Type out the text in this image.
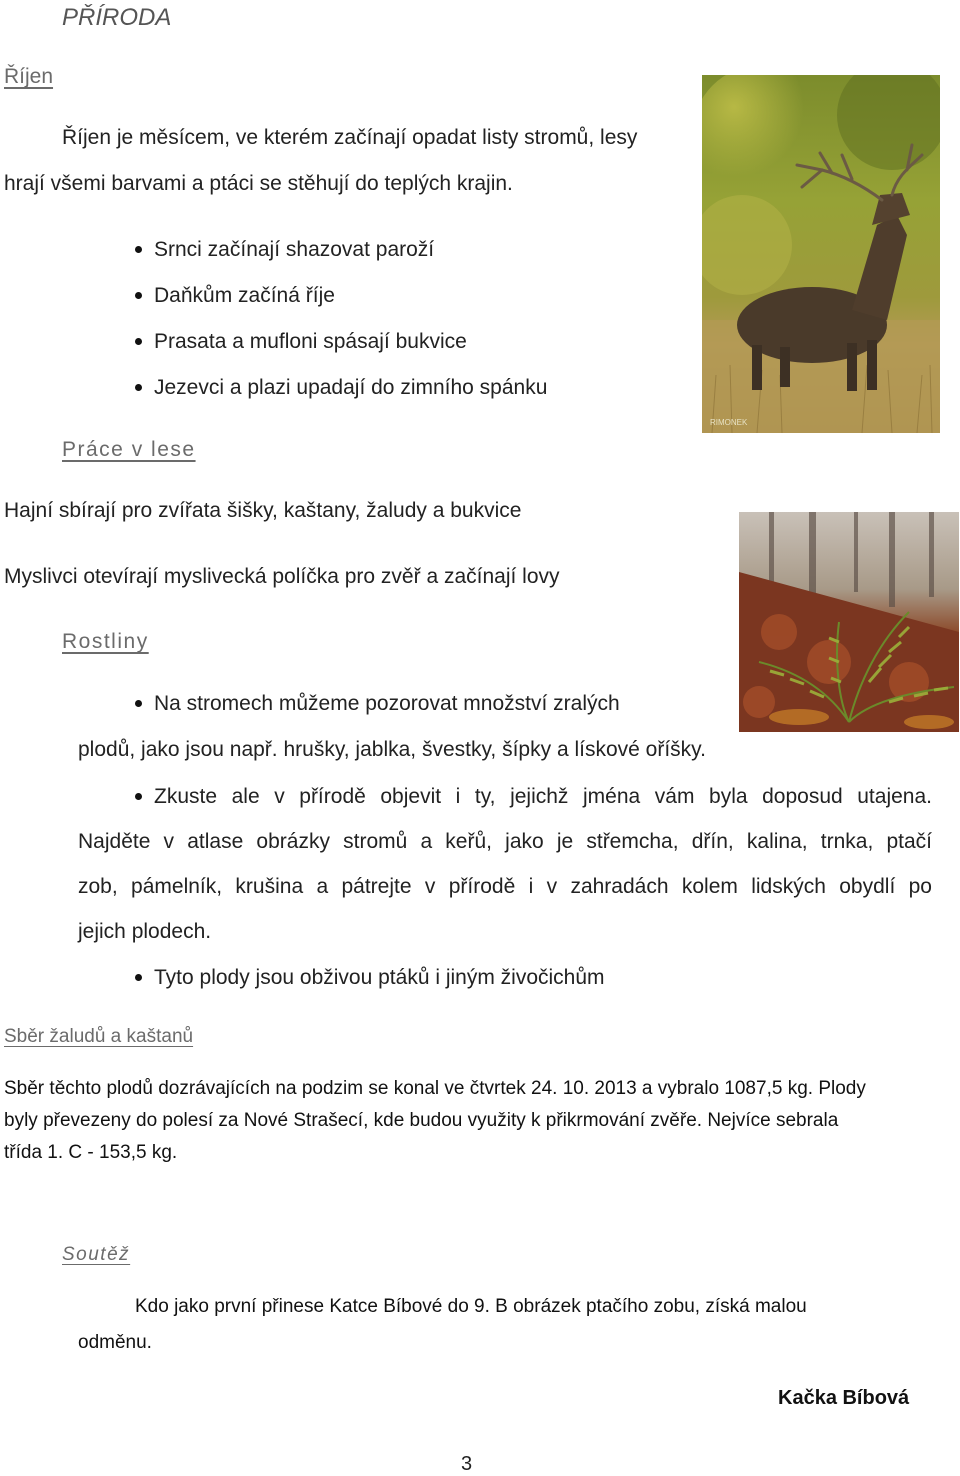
PŘÍRODA
Říjen
Říjen je měsícem, ve kterém začínají opadat listy stromů, lesy
hrají všemi barvami a ptáci se stěhují do teplých krajin.
Srnci začínají shazovat paroží
Daňkům začíná říje
Prasata a mufloni spásají bukvice
Jezevci a plazi upadají do zimního spánku
Práce v lese
Hajní sbírají pro zvířata šišky, kaštany, žaludy a bukvice
Myslivci otevírají myslivecká políčka pro zvěř a začínají lovy
Rostliny
Na stromech můžeme pozorovat množství zralých
plodů, jako jsou např. hrušky, jablka, švestky, šípky a lískové oříšky.
Zkuste ale v přírodě objevit i ty, jejichž jména vám byla doposud utajena.
Najděte v atlase obrázky stromů a keřů, jako je střemcha, dřín, kalina, trnka, ptačí
zob, pámelník, krušina a pátrejte v přírodě i v zahradách kolem lidských obydlí po
jejich plodech.
Tyto plody jsou obživou ptáků i jiným živočichům
Sběr žaludů a kaštanů
Sběr těchto plodů dozrávajících na podzim se konal ve čtvrtek 24. 10. 2013 a vybralo 1087,5 kg. Plody
byly převezeny do polesí za Nové Strašecí, kde budou využity k přikrmování zvěře. Nejvíce sebrala
třída 1. C - 153,5 kg.
Soutěž
Kdo jako první přinese Katce Bíbové do 9. B obrázek ptačího zobu, získá malou
odměnu.
Kačka Bíbová
3
RIMONEK
